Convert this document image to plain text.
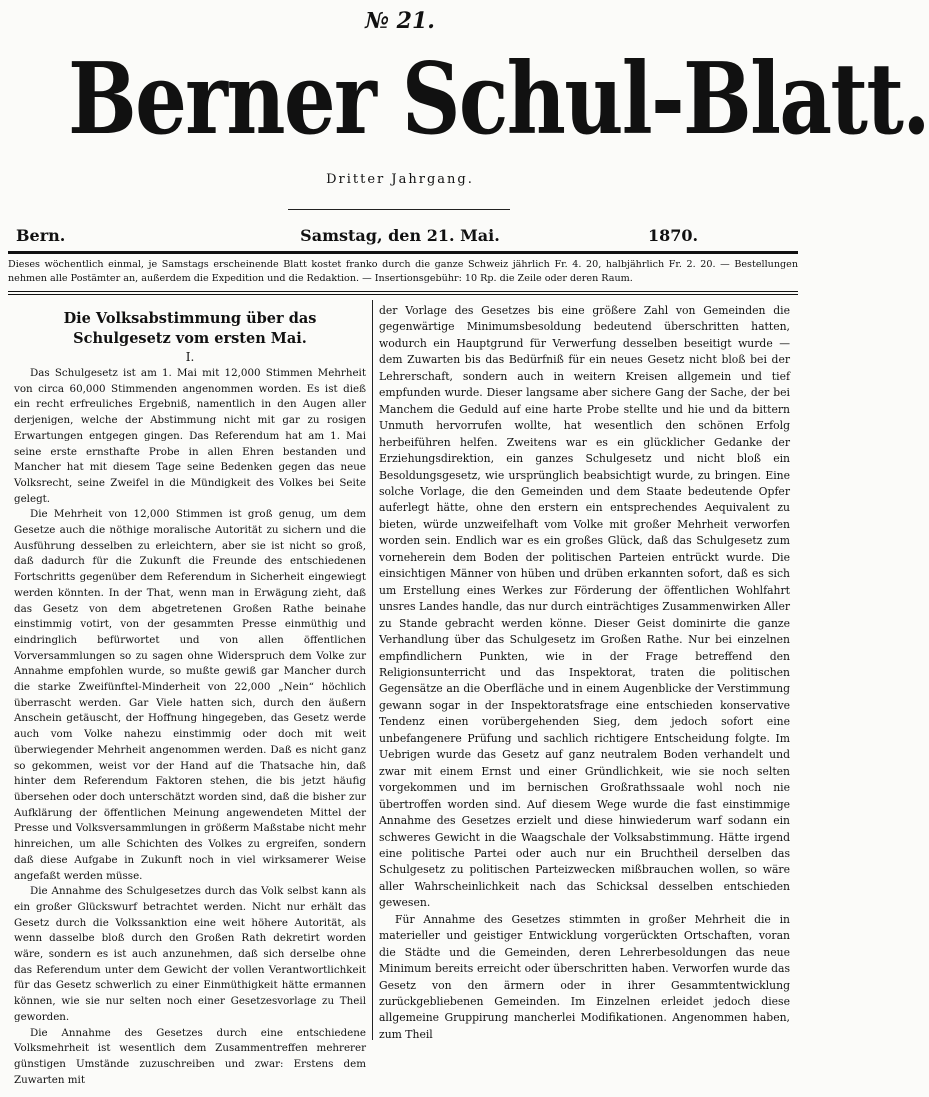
№ 21.
Berner Schul-Blatt.
Dritter Jahrgang.
Bern.	Samstag, den 21. Mai.	1870.
Dieses wöchentlich einmal, je Samstags erscheinende Blatt kostet franko durch die ganze Schweiz jährlich Fr. 4. 20, halbjährlich Fr. 2. 20. — Bestellungen nehmen alle Postämter an, außerdem die Expedition und die Redaktion. — Insertionsgebühr: 10 Rp. die Zeile oder deren Raum.

Die Volksabstimmung über das Schulgesetz vom ersten Mai.

I.

Das Schulgesetz ist am 1. Mai mit 12,000 Stimmen Mehrheit von circa 60,000 Stimmenden angenommen worden. Es ist dieß ein recht erfreuliches Ergebniß, namentlich in den Augen aller derjenigen, welche der Abstimmung nicht mit gar zu rosigen Erwartungen entgegen gingen. Das Referendum hat am 1. Mai seine erste ernsthafte Probe in allen Ehren bestanden und Mancher hat mit diesem Tage seine Bedenken gegen das neue Volksrecht, seine Zweifel in die Mündigkeit des Volkes bei Seite gelegt.

Die Mehrheit von 12,000 Stimmen ist groß genug, um dem Gesetze auch die nöthige moralische Autorität zu sichern und die Ausführung desselben zu erleichtern, aber sie ist nicht so groß, daß dadurch für die Zukunft die Freunde des entschiedenen Fortschritts gegenüber dem Referendum in Sicherheit eingewiegt werden könnten. In der That, wenn man in Erwägung zieht, daß das Gesetz von dem abgetretenen Großen Rathe beinahe einstimmig votirt, von der gesammten Presse einmüthig und eindringlich befürwortet und von allen öffentlichen Vorversammlungen so zu sagen ohne Widerspruch dem Volke zur Annahme empfohlen wurde, so mußte gewiß gar Mancher durch die starke Zweifünftel-Minderheit von 22,000 „Nein“ höchlich überrascht werden. Gar Viele hatten sich, durch den äußern Anschein getäuscht, der Hoffnung hingegeben, das Gesetz werde auch vom Volke nahezu einstimmig oder doch mit weit überwiegender Mehrheit angenommen werden. Daß es nicht ganz so gekommen, weist vor der Hand auf die Thatsache hin, daß hinter dem Referendum Faktoren stehen, die bis jetzt häufig übersehen oder doch unterschätzt worden sind, daß die bisher zur Aufklärung der öffentlichen Meinung angewendeten Mittel der Presse und Volksversammlungen in größerm Maßstabe nicht mehr hinreichen, um alle Schichten des Volkes zu ergreifen, sondern daß diese Aufgabe in Zukunft noch in viel wirksamerer Weise angefaßt werden müsse.

Die Annahme des Schulgesetzes durch das Volk selbst kann als ein großer Glückswurf betrachtet werden. Nicht nur erhält das Gesetz durch die Volkssanktion eine weit höhere Autorität, als wenn dasselbe bloß durch den Großen Rath dekretirt worden wäre, sondern es ist auch anzunehmen, daß sich derselbe ohne das Referendum unter dem Gewicht der vollen Verantwortlichkeit für das Gesetz schwerlich zu einer Einmüthigkeit hätte ermannen können, wie sie nur selten noch einer Gesetzesvorlage zu Theil geworden.

Die Annahme des Gesetzes durch eine entschiedene Volksmehrheit ist wesentlich dem Zusammentreffen mehrerer günstigen Umstände zuzuschreiben und zwar: Erstens dem Zuwarten mit

der Vorlage des Gesetzes bis eine größere Zahl von Gemeinden die gegenwärtige Minimumsbesoldung bedeutend überschritten hatten, wodurch ein Hauptgrund für Verwerfung desselben beseitigt wurde — dem Zuwarten bis das Bedürfniß für ein neues Gesetz nicht bloß bei der Lehrerschaft, sondern auch in weitern Kreisen allgemein und tief empfunden wurde. Dieser langsame aber sichere Gang der Sache, der bei Manchem die Geduld auf eine harte Probe stellte und hie und da bittern Unmuth hervorrufen wollte, hat wesentlich den schönen Erfolg herbeiführen helfen. Zweitens war es ein glücklicher Gedanke der Erziehungsdirektion, ein ganzes Schulgesetz und nicht bloß ein Besoldungsgesetz, wie ursprünglich beabsichtigt wurde, zu bringen. Eine solche Vorlage, die den Gemeinden und dem Staate bedeutende Opfer auferlegt hätte, ohne den erstern ein entsprechendes Aequivalent zu bieten, würde unzweifelhaft vom Volke mit großer Mehrheit verworfen worden sein. Endlich war es ein großes Glück, daß das Schulgesetz zum vorneherein dem Boden der politischen Parteien entrückt wurde. Die einsichtigen Männer von hüben und drüben erkannten sofort, daß es sich um Erstellung eines Werkes zur Förderung der öffentlichen Wohlfahrt unsres Landes handle, das nur durch einträchtiges Zusammenwirken Aller zu Stande gebracht werden könne. Dieser Geist dominirte die ganze Verhandlung über das Schulgesetz im Großen Rathe. Nur bei einzelnen empfindlichern Punkten, wie in der Frage betreffend den Religionsunterricht und das Inspektorat, traten die politischen Gegensätze an die Oberfläche und in einem Augenblicke der Verstimmung gewann sogar in der Inspektoratsfrage eine entschieden konservative Tendenz einen vorübergehenden Sieg, dem jedoch sofort eine unbefangenere Prüfung und sachlich richtigere Entscheidung folgte. Im Uebrigen wurde das Gesetz auf ganz neutralem Boden verhandelt und zwar mit einem Ernst und einer Gründlichkeit, wie sie noch selten vorgekommen und im bernischen Großrathssaale wohl noch nie übertroffen worden sind. Auf diesem Wege wurde die fast einstimmige Annahme des Gesetzes erzielt und diese hinwiederum warf sodann ein schweres Gewicht in die Waagschale der Volksabstimmung. Hätte irgend eine politische Partei oder auch nur ein Bruchtheil derselben das Schulgesetz zu politischen Parteizwecken mißbrauchen wollen, so wäre aller Wahrscheinlichkeit nach das Schicksal desselben entschieden gewesen.

Für Annahme des Gesetzes stimmten in großer Mehrheit die in materieller und geistiger Entwicklung vorgerückten Ortschaften, voran die Städte und die Gemeinden, deren Lehrerbesoldungen das neue Minimum bereits erreicht oder überschritten haben. Verworfen wurde das Gesetz von den ärmern oder in ihrer Gesammtentwicklung zurückgebliebenen Gemeinden. Im Einzelnen erleidet jedoch diese allgemeine Gruppirung mancherlei Modifikationen. Angenommen haben, zum Theil
